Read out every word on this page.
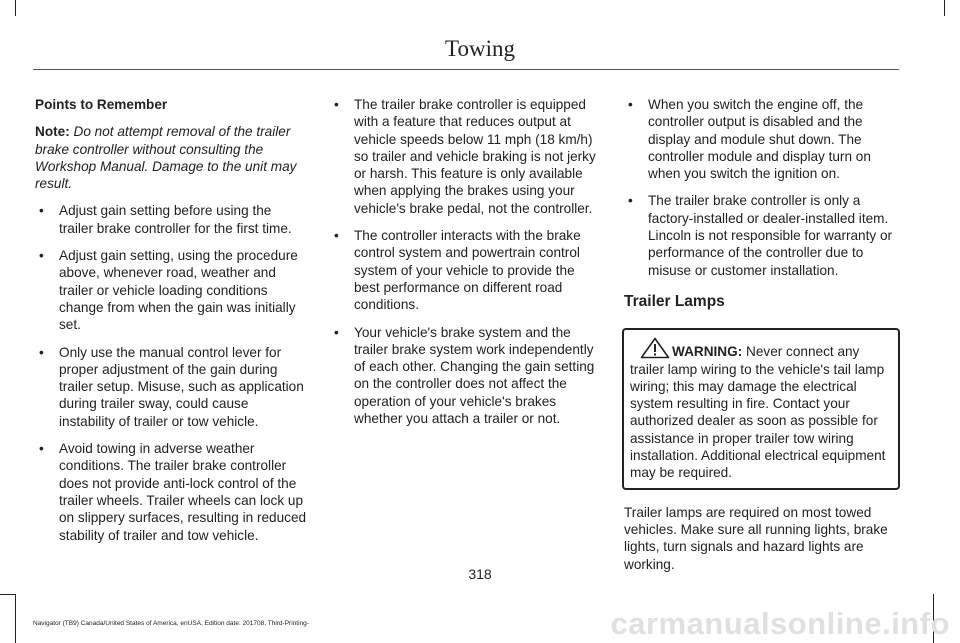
Towing
Points to Remember
Note: Do not attempt removal of the trailer brake controller without consulting the Workshop Manual. Damage to the unit may result.
• Adjust gain setting before using the trailer brake controller for the first time.
• Adjust gain setting, using the procedure above, whenever road, weather and trailer or vehicle loading conditions change from when the gain was initially set.
• Only use the manual control lever for proper adjustment of the gain during trailer setup. Misuse, such as application during trailer sway, could cause instability of trailer or tow vehicle.
• Avoid towing in adverse weather conditions. The trailer brake controller does not provide anti-lock control of the trailer wheels. Trailer wheels can lock up on slippery surfaces, resulting in reduced stability of trailer and tow vehicle.
• The trailer brake controller is equipped with a feature that reduces output at vehicle speeds below 11 mph (18 km/h) so trailer and vehicle braking is not jerky or harsh. This feature is only available when applying the brakes using your vehicle's brake pedal, not the controller.
• The controller interacts with the brake control system and powertrain control system of your vehicle to provide the best performance on different road conditions.
• Your vehicle's brake system and the trailer brake system work independently of each other. Changing the gain setting on the controller does not affect the operation of your vehicle's brakes whether you attach a trailer or not.
• When you switch the engine off, the controller output is disabled and the display and module shut down. The controller module and display turn on when you switch the ignition on.
• The trailer brake controller is only a factory-installed or dealer-installed item. Lincoln is not responsible for warranty or performance of the controller due to misuse or customer installation.
Trailer Lamps
WARNING: Never connect any trailer lamp wiring to the vehicle's tail lamp wiring; this may damage the electrical system resulting in fire. Contact your authorized dealer as soon as possible for assistance in proper trailer tow wiring installation. Additional electrical equipment may be required.
Trailer lamps are required on most towed vehicles. Make sure all running lights, brake lights, turn signals and hazard lights are working.
318
Navigator (TB9) Canada/United States of America, enUSA, Edition date: 201708, Third-Printing-	carmanualsonline.info
